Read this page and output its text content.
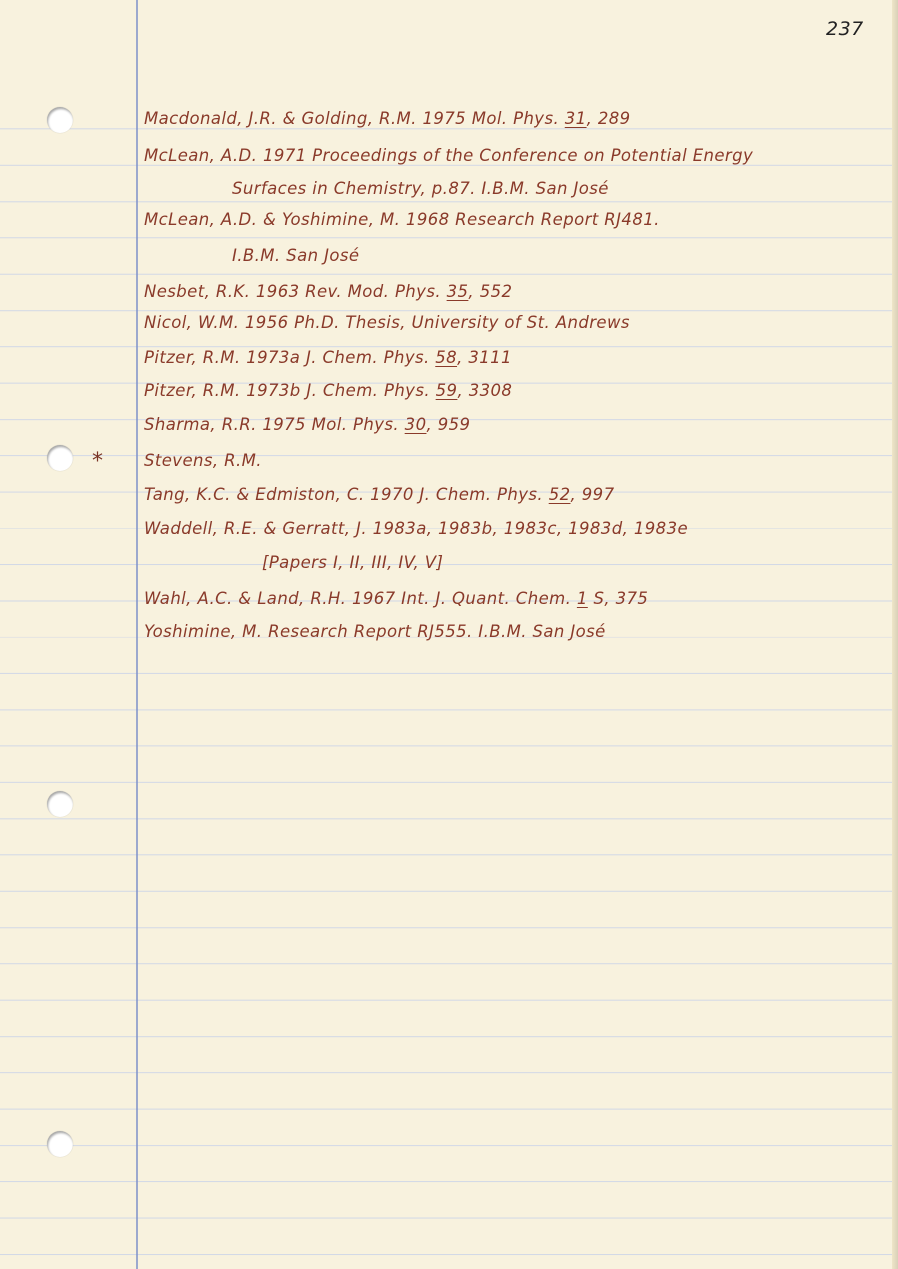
237
*
Macdonald, J.R. & Golding, R.M. 1975 Mol. Phys. 31, 289
McLean, A.D. 1971 Proceedings of the Conference on Potential Energy
Surfaces in Chemistry, p.87. I.B.M. San José
McLean, A.D. & Yoshimine, M. 1968 Research Report RJ481.
I.B.M. San José
Nesbet, R.K. 1963 Rev. Mod. Phys. 35, 552
Nicol, W.M. 1956 Ph.D. Thesis, University of St. Andrews
Pitzer, R.M. 1973a J. Chem. Phys. 58, 3111
Pitzer, R.M. 1973b J. Chem. Phys. 59, 3308
Sharma, R.R. 1975 Mol. Phys. 30, 959
Stevens, R.M.
Tang, K.C. & Edmiston, C. 1970 J. Chem. Phys. 52, 997
Waddell, R.E. & Gerratt, J. 1983a, 1983b, 1983c, 1983d, 1983e
[Papers I, II, III, IV, V]
Wahl, A.C. & Land, R.H. 1967 Int. J. Quant. Chem. 1 S, 375
Yoshimine, M. Research Report RJ555. I.B.M. San José
